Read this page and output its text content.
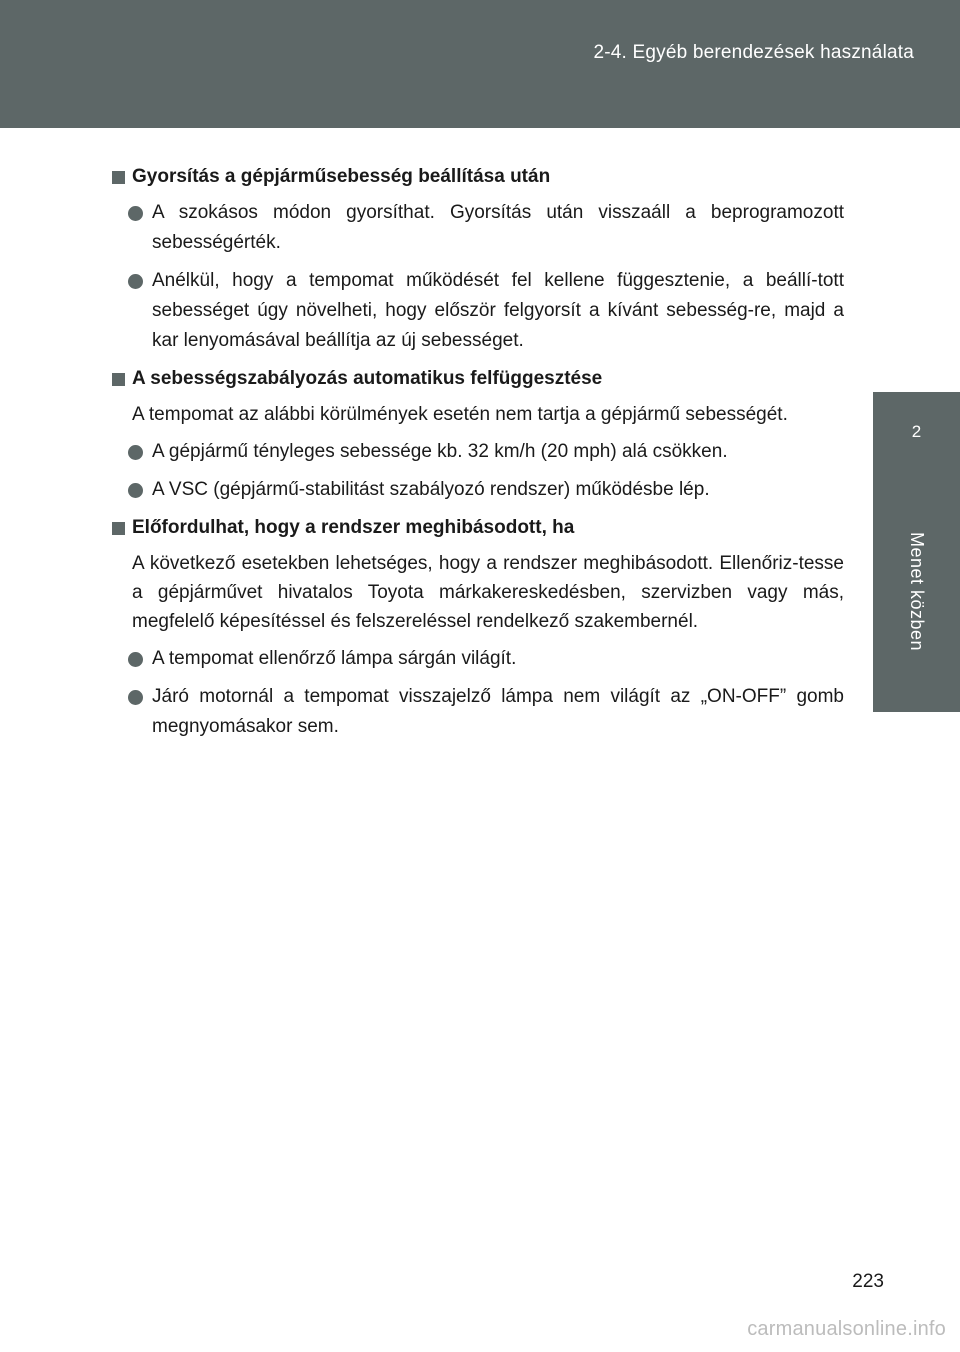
2-4. Egyéb berendezések használata
2
Menet közben
Gyorsítás a gépjárműsebesség beállítása után
A szokásos módon gyorsíthat. Gyorsítás után visszaáll a beprogramozott sebességérték.
Anélkül, hogy a tempomat működését fel kellene függesztenie, a beállí-tott sebességet úgy növelheti, hogy először felgyorsít a kívánt sebesség-re, majd a kar lenyomásával beállítja az új sebességet.
A sebességszabályozás automatikus felfüggesztése
A tempomat az alábbi körülmények esetén nem tartja a gépjármű sebességét.
A gépjármű tényleges sebessége kb. 32 km/h (20 mph) alá csökken.
A VSC (gépjármű-stabilitást szabályozó rendszer) működésbe lép.
Előfordulhat, hogy a rendszer meghibásodott, ha
A következő esetekben lehetséges, hogy a rendszer meghibásodott. Ellenőriz-tesse a gépjárművet hivatalos Toyota márkakereskedésben, szervizben vagy más, megfelelő képesítéssel és felszereléssel rendelkező szakembernél.
A tempomat ellenőrző lámpa sárgán világít.
Járó motornál a tempomat visszajelző lámpa nem világít az „ON-OFF” gomb megnyomásakor sem.
223
carmanualsonline.info
